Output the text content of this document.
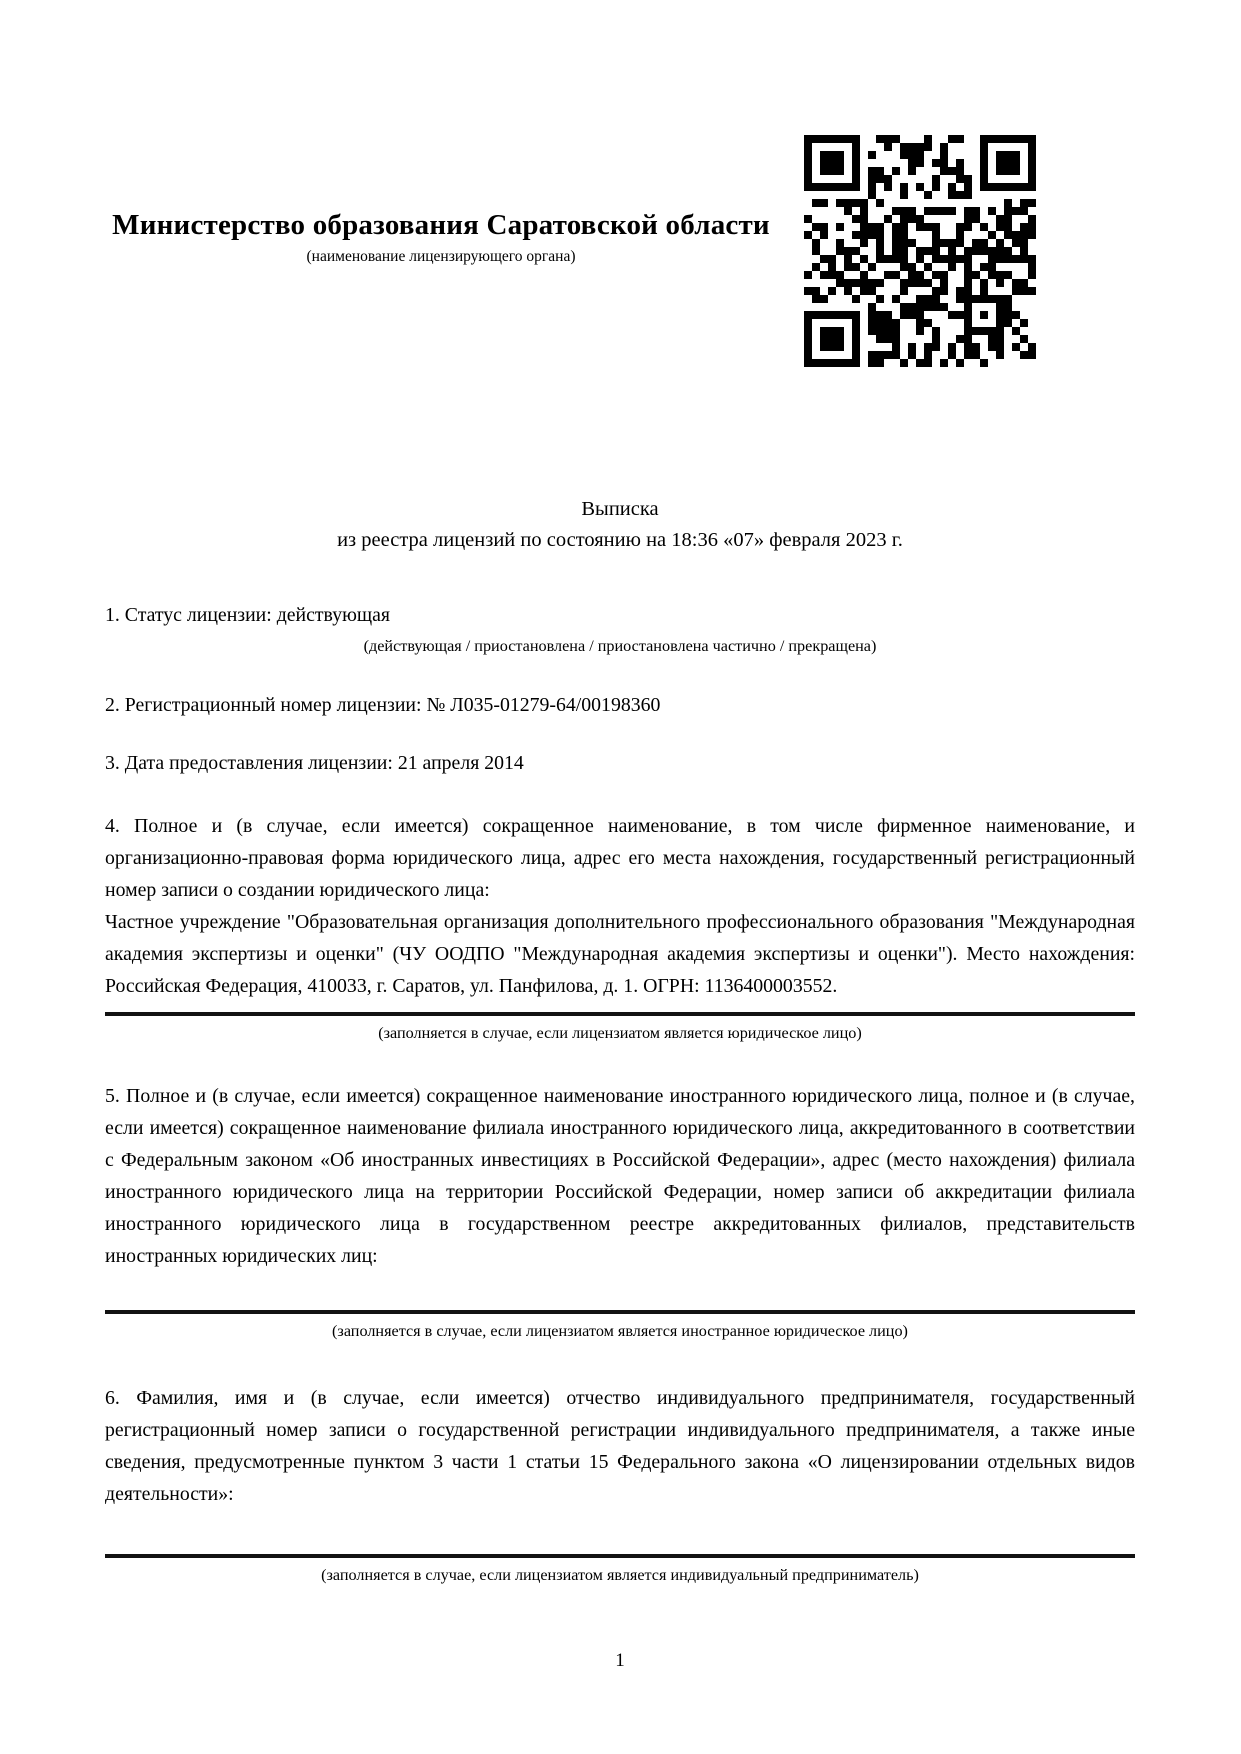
Министерство образования Саратовской области
(наименование лицензирующего органа)
Выписка
из реестра лицензий по состоянию на 18:36 «07» февраля 2023 г.
1. Статус лицензии: действующая
(действующая / приостановлена / приостановлена частично / прекращена)
2. Регистрационный номер лицензии: № Л035-01279-64/00198360
3. Дата предоставления лицензии: 21 апреля 2014
4. Полное и (в случае, если имеется) сокращенное наименование, в том числе фирменное наименование, и организационно-правовая форма юридического лица, адрес его места нахождения, государственный регистрационный номер записи о создании юридического лица:
Частное учреждение "Образовательная организация дополнительного профессионального образования "Международная академия экспертизы и оценки" (ЧУ ООДПО "Международная академия экспертизы и оценки"). Место нахождения: Российская Федерация, 410033, г. Саратов, ул. Панфилова, д. 1. ОГРН: 1136400003552.
(заполняется в случае, если лицензиатом является юридическое лицо)
5. Полное и (в случае, если имеется) сокращенное наименование иностранного юридического лица, полное и (в случае, если имеется) сокращенное наименование филиала иностранного юридического лица, аккредитованного в соответствии с Федеральным законом «Об иностранных инвестициях в Российской Федерации», адрес (место нахождения) филиала иностранного юридического лица на территории Российской Федерации, номер записи об аккредитации филиала иностранного юридического лица в государственном реестре аккредитованных филиалов, представительств иностранных юридических лиц:
(заполняется в случае, если лицензиатом является иностранное юридическое лицо)
6. Фамилия, имя и (в случае, если имеется) отчество индивидуального предпринимателя, государственный регистрационный номер записи о государственной регистрации индивидуального предпринимателя, а также иные сведения, предусмотренные пунктом 3 части 1 статьи 15 Федерального закона «О лицензировании отдельных видов деятельности»:
(заполняется в случае, если лицензиатом является индивидуальный предприниматель)
1
